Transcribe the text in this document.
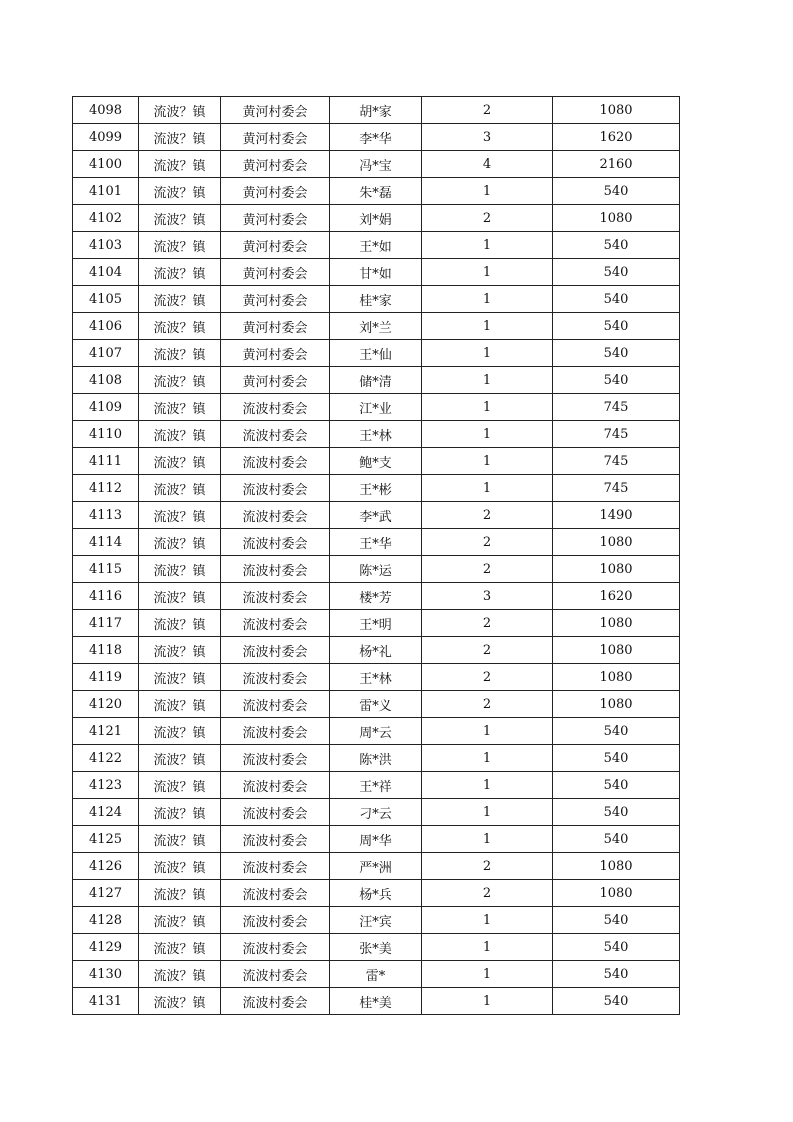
4098	流波？镇	黄河村委会	胡*家	2	1080
4099	流波？镇	黄河村委会	李*华	3	1620
4100	流波？镇	黄河村委会	冯*宝	4	2160
4101	流波？镇	黄河村委会	朱*磊	1	540
4102	流波？镇	黄河村委会	刘*娟	2	1080
4103	流波？镇	黄河村委会	王*如	1	540
4104	流波？镇	黄河村委会	甘*如	1	540
4105	流波？镇	黄河村委会	桂*家	1	540
4106	流波？镇	黄河村委会	刘*兰	1	540
4107	流波？镇	黄河村委会	王*仙	1	540
4108	流波？镇	黄河村委会	储*清	1	540
4109	流波？镇	流波村委会	江*业	1	745
4110	流波？镇	流波村委会	王*林	1	745
4111	流波？镇	流波村委会	鲍*支	1	745
4112	流波？镇	流波村委会	王*彬	1	745
4113	流波？镇	流波村委会	李*武	2	1490
4114	流波？镇	流波村委会	王*华	2	1080
4115	流波？镇	流波村委会	陈*运	2	1080
4116	流波？镇	流波村委会	楼*芳	3	1620
4117	流波？镇	流波村委会	王*明	2	1080
4118	流波？镇	流波村委会	杨*礼	2	1080
4119	流波？镇	流波村委会	王*林	2	1080
4120	流波？镇	流波村委会	雷*义	2	1080
4121	流波？镇	流波村委会	周*云	1	540
4122	流波？镇	流波村委会	陈*洪	1	540
4123	流波？镇	流波村委会	王*祥	1	540
4124	流波？镇	流波村委会	刁*云	1	540
4125	流波？镇	流波村委会	周*华	1	540
4126	流波？镇	流波村委会	严*洲	2	1080
4127	流波？镇	流波村委会	杨*兵	2	1080
4128	流波？镇	流波村委会	汪*宾	1	540
4129	流波？镇	流波村委会	张*美	1	540
4130	流波？镇	流波村委会	雷*	1	540
4131	流波？镇	流波村委会	桂*美	1	540
